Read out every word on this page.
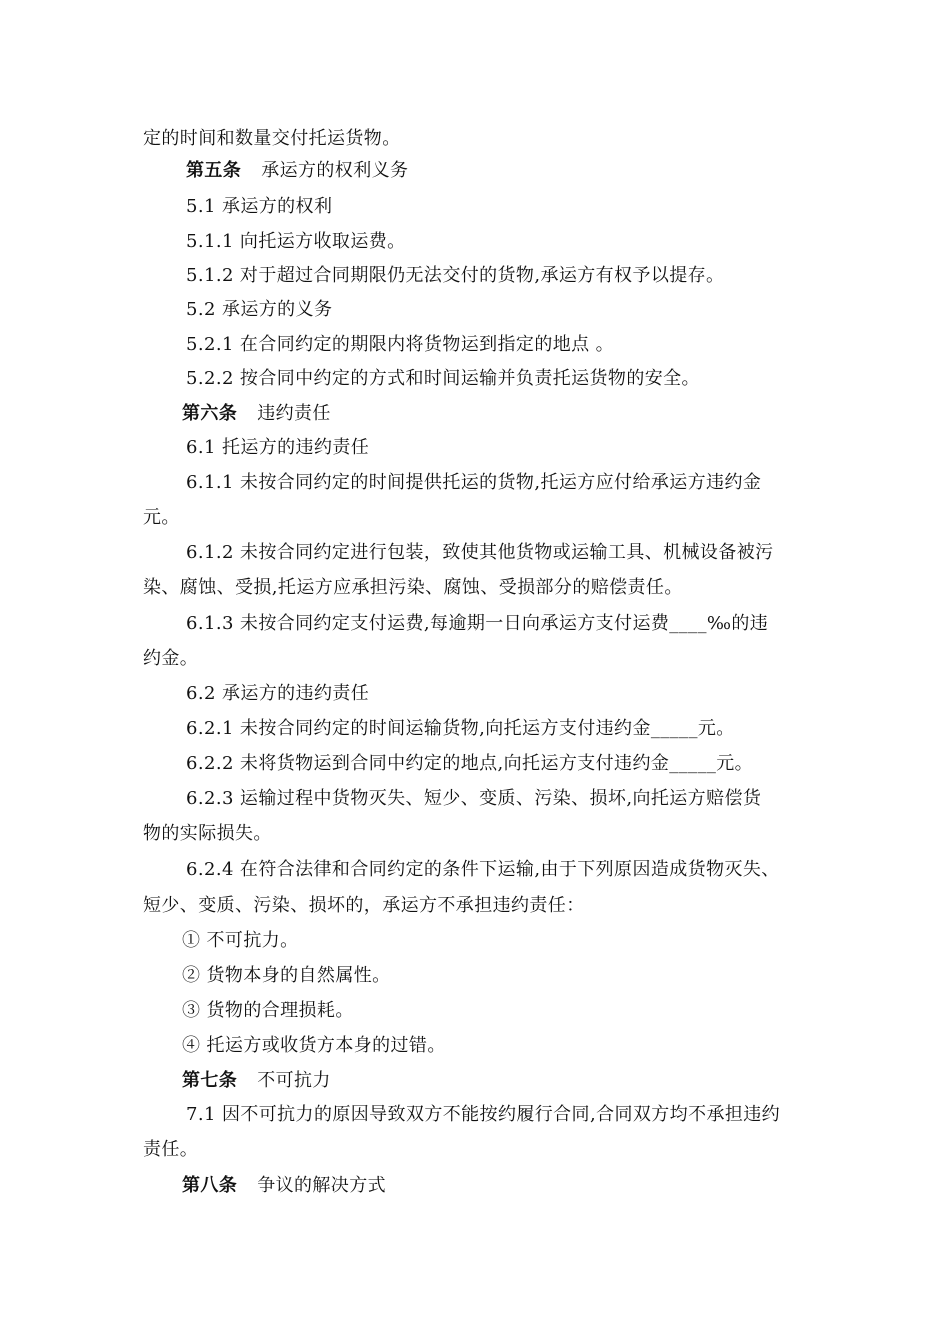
定的时间和数量交付托运货物。
第五条 承运方的权利义务
5.1 承运方的权利
5.1.1 向托运方收取运费。
5.1.2 对于超过合同期限仍无法交付的货物,承运方有权予以提存。
5.2 承运方的义务
5.2.1 在合同约定的期限内将货物运到指定的地点 。
5.2.2 按合同中约定的方式和时间运输并负责托运货物的安全。
第六条 违约责任
6.1 托运方的违约责任
6.1.1 未按合同约定的时间提供托运的货物,托运方应付给承运方违约金
元。
6.1.2 未按合同约定进行包装，致使其他货物或运输工具、机械设备被污
染、腐蚀、受损,托运方应承担污染、腐蚀、受损部分的赔偿责任。
6.1.3 未按合同约定支付运费,每逾期一日向承运方支付运费____‰的违
约金。
6.2 承运方的违约责任
6.2.1 未按合同约定的时间运输货物,向托运方支付违约金_____元。
6.2.2 未将货物运到合同中约定的地点,向托运方支付违约金_____元。
6.2.3 运输过程中货物灭失、短少、变质、污染、损坏,向托运方赔偿货
物的实际损失。
6.2.4 在符合法律和合同约定的条件下运输,由于下列原因造成货物灭失、
短少、变质、污染、损坏的，承运方不承担违约责任：
① 不可抗力。
② 货物本身的自然属性。
③ 货物的合理损耗。
④ 托运方或收货方本身的过错。
第七条 不可抗力
7.1 因不可抗力的原因导致双方不能按约履行合同,合同双方均不承担违约
责任。
第八条 争议的解决方式
